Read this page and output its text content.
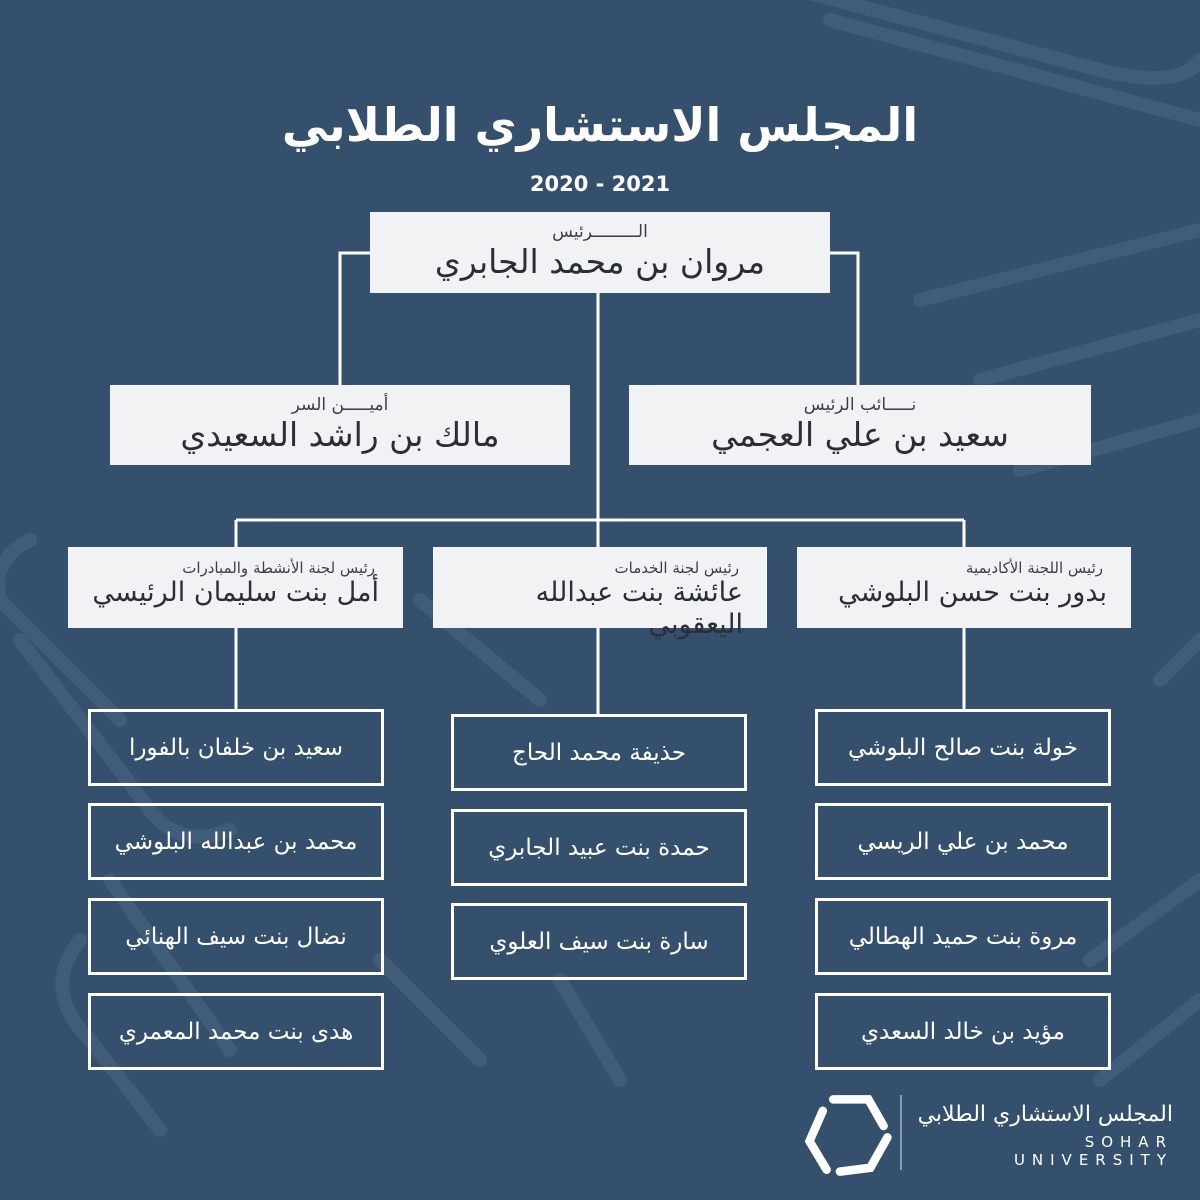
المجلس الاستشاري الطلابي
2020 - 2021
الـــــــــرئيس
مروان بن محمد الجابري
أميـــــن السر
مالك بن راشد السعيدي
نـــــائب الرئيس
سعيد بن علي العجمي
رئيس لجنة الأنشطة والمبادرات
أمل بنت سليمان الرئيسي
رئيس لجنة الخدمات
عائشة بنت عبدالله اليعقوبي
رئيس اللجنة الأكاديمية
بدور بنت حسن البلوشي
سعيد بن خلفان بالفورا
محمد بن عبدالله البلوشي
نضال بنت سيف الهنائي
هدى بنت محمد المعمري
حذيفة محمد الحاج
حمدة بنت عبيد الجابري
سارة بنت سيف العلوي
خولة بنت صالح البلوشي
محمد بن علي الريسي
مروة بنت حميد الهطالي
مؤيد بن خالد السعدي
المجلس الاستشاري الطلابي
SOHAR UNIVERSITY
